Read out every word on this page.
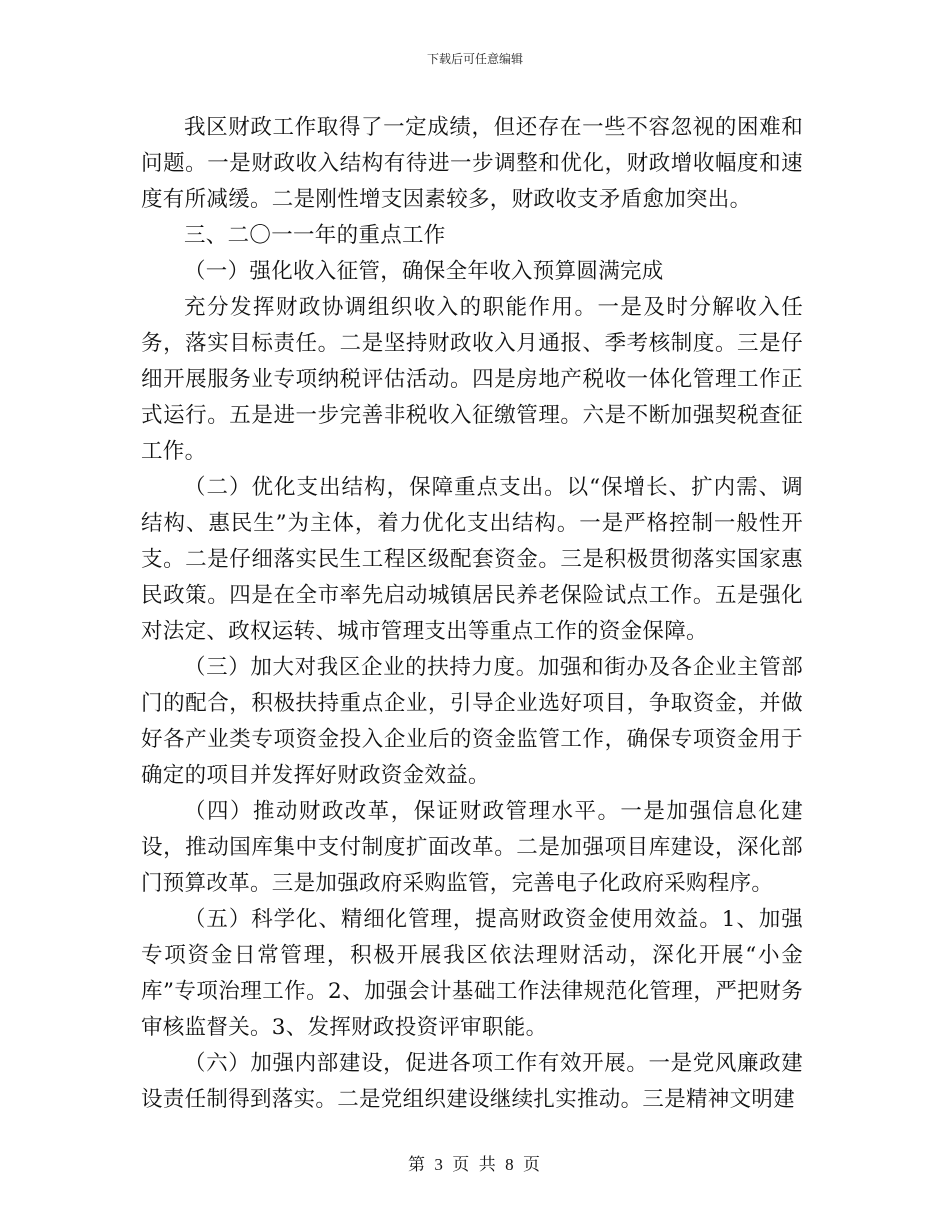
下载后可任意编辑

我区财政工作取得了一定成绩，但还存在一些不容忽视的困难和问题。一是财政收入结构有待进一步调整和优化，财政增收幅度和速度有所减缓。二是刚性增支因素较多，财政收支矛盾愈加突出。

三、二〇一一年的重点工作

（一）强化收入征管，确保全年收入预算圆满完成

充分发挥财政协调组织收入的职能作用。一是及时分解收入任务，落实目标责任。二是坚持财政收入月通报、季考核制度。三是仔细开展服务业专项纳税评估活动。四是房地产税收一体化管理工作正式运行。五是进一步完善非税收入征缴管理。六是不断加强契税查征工作。

（二）优化支出结构，保障重点支出。以“保增长、扩内需、调结构、惠民生”为主体，着力优化支出结构。一是严格控制一般性开支。二是仔细落实民生工程区级配套资金。三是积极贯彻落实国家惠民政策。四是在全市率先启动城镇居民养老保险试点工作。五是强化对法定、政权运转、城市管理支出等重点工作的资金保障。

（三）加大对我区企业的扶持力度。加强和街办及各企业主管部门的配合，积极扶持重点企业，引导企业选好项目，争取资金，并做好各产业类专项资金投入企业后的资金监管工作，确保专项资金用于确定的项目并发挥好财政资金效益。

（四）推动财政改革，保证财政管理水平。一是加强信息化建设，推动国库集中支付制度扩面改革。二是加强项目库建设，深化部门预算改革。三是加强政府采购监管，完善电子化政府采购程序。

（五）科学化、精细化管理，提高财政资金使用效益。1、加强专项资金日常管理，积极开展我区依法理财活动，深化开展“小金库”专项治理工作。2、加强会计基础工作法律规范化管理，严把财务审核监督关。3、发挥财政投资评审职能。

（六）加强内部建设，促进各项工作有效开展。一是党风廉政建设责任制得到落实。二是党组织建设继续扎实推动。三是精神文明建

第 3 页 共 8 页
